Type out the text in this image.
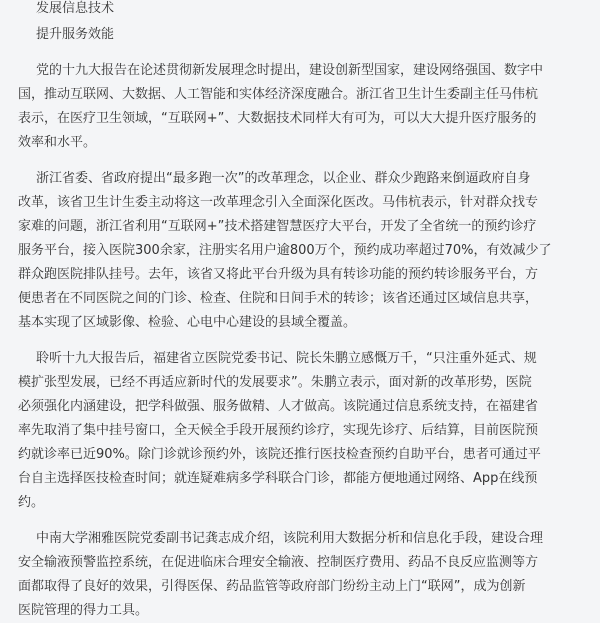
发展信息技术

提升服务效能

党的十九大报告在论述贯彻新发展理念时提出，建设创新型国家，建设网络强国、数字中

国，推动互联网、大数据、人工智能和实体经济深度融合。浙江省卫生计生委副主任马伟杭

表示，在医疗卫生领域，“互联网+”、大数据技术同样大有可为，可以大大提升医疗服务的

效率和水平。

浙江省委、省政府提出“最多跑一次”的改革理念，以企业、群众少跑路来倒逼政府自身

改革，该省卫生计生委主动将这一改革理念引入全面深化医改。马伟杭表示，针对群众找专

家难的问题，浙江省利用“互联网+”技术搭建智慧医疗大平台，开发了全省统一的预约诊疗

服务平台，接入医院300余家，注册实名用户逾800万个，预约成功率超过70%，有效减少了

群众跑医院排队挂号。去年，该省又将此平台升级为具有转诊功能的预约转诊服务平台，方

便患者在不同医院之间的门诊、检查、住院和日间手术的转诊；该省还通过区域信息共享，

基本实现了区域影像、检验、心电中心建设的县域全覆盖。

聆听十九大报告后，福建省立医院党委书记、院长朱鹏立感慨万千，“只注重外延式、规

模扩张型发展，已经不再适应新时代的发展要求”。朱鹏立表示，面对新的改革形势，医院

必须强化内涵建设，把学科做强、服务做精、人才做高。该院通过信息系统支持，在福建省

率先取消了集中挂号窗口，全天候全手段开展预约诊疗，实现先诊疗、后结算，目前医院预

约就诊率已近90%。除门诊就诊预约外，该院还推行医技检查预约自助平台，患者可通过平

台自主选择医技检查时间；就连疑难病多学科联合门诊，都能方便地通过网络、App在线预

约。

中南大学湘雅医院党委副书记龚志成介绍，该院利用大数据分析和信息化手段，建设合理

安全输液预警监控系统，在促进临床合理安全输液、控制医疗费用、药品不良反应监测等方

面都取得了良好的效果，引得医保、药品监管等政府部门纷纷主动上门“联网”，成为创新

医院管理的得力工具。
